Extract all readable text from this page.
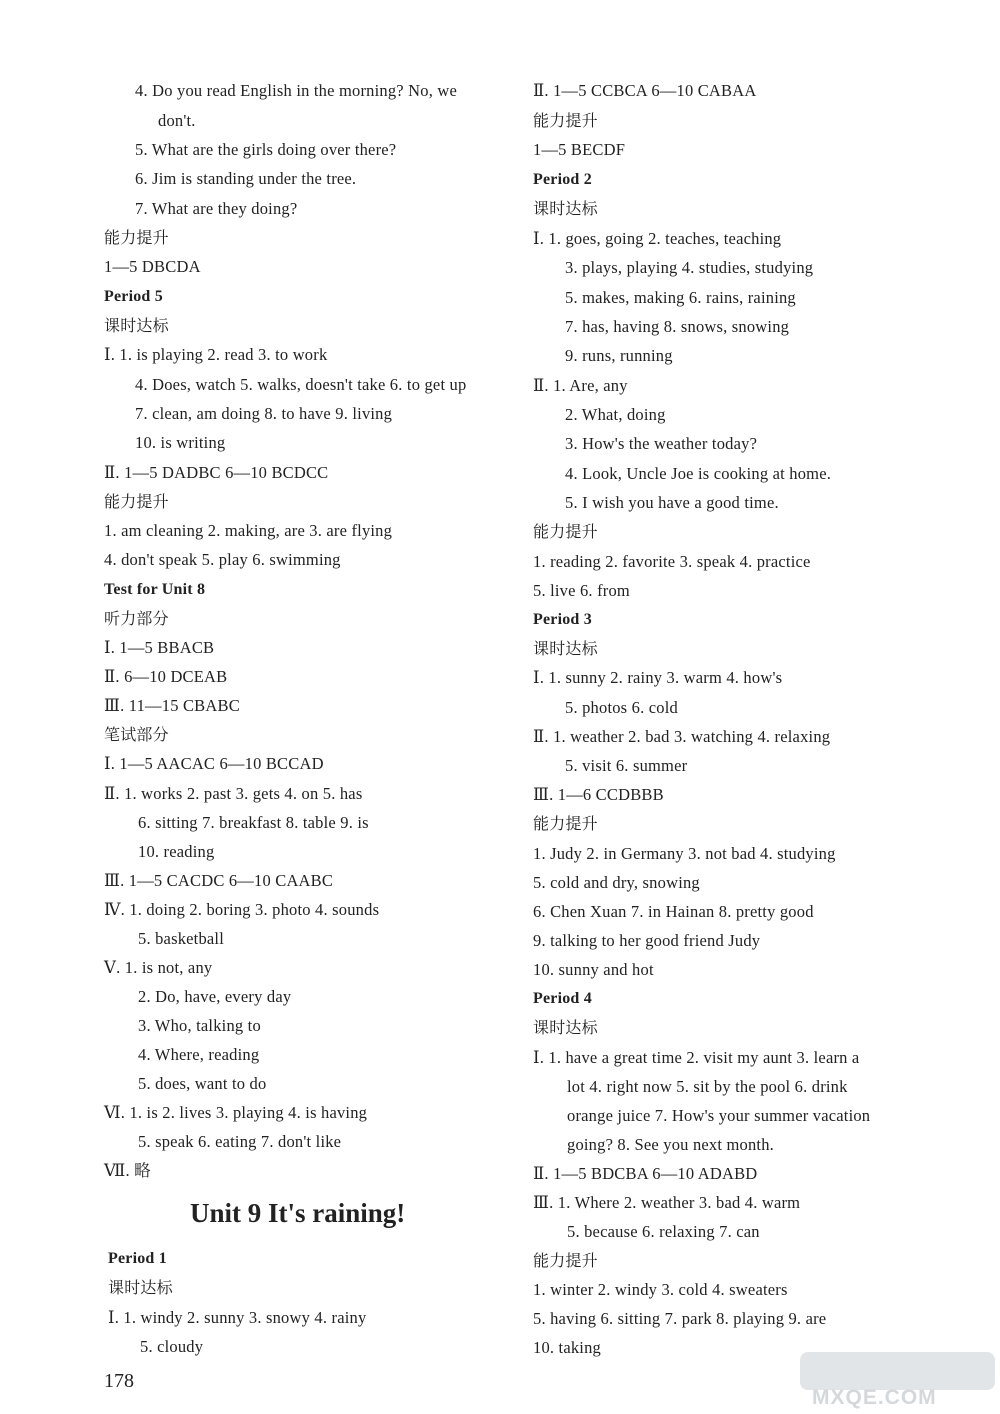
4. Do you read English in the morning? No, we
don't.
5. What are the girls doing over there?
6. Jim is standing under the tree.
7. What are they doing?
能力提升
1—5 DBCDA
Period 5
课时达标
Ⅰ. 1. is playing 2. read 3. to work
4. Does, watch 5. walks, doesn't take 6. to get up
7. clean, am doing 8. to have 9. living
10. is writing
Ⅱ. 1—5 DADBC 6—10 BCDCC
能力提升
1. am cleaning 2. making, are 3. are flying
4. don't speak 5. play 6. swimming
Test for Unit 8
听力部分
Ⅰ. 1—5 BBACB
Ⅱ. 6—10 DCEAB
Ⅲ. 11—15 CBABC
笔试部分
Ⅰ. 1—5 AACAC 6—10 BCCAD
Ⅱ. 1. works 2. past 3. gets 4. on 5. has
6. sitting 7. breakfast 8. table 9. is
10. reading
Ⅲ. 1—5 CACDC 6—10 CAABC
Ⅳ. 1. doing 2. boring 3. photo 4. sounds
5. basketball
Ⅴ. 1. is not, any
2. Do, have, every day
3. Who, talking to
4. Where, reading
5. does, want to do
Ⅵ. 1. is 2. lives 3. playing 4. is having
5. speak 6. eating 7. don't like
Ⅶ. 略
Period 1
课时达标
Ⅰ. 1. windy 2. sunny 3. snowy 4. rainy
5. cloudy
Ⅱ. 1—5 CCBCA 6—10 CABAA
能力提升
1—5 BECDF
Period 2
课时达标
Ⅰ. 1. goes, going 2. teaches, teaching
3. plays, playing 4. studies, studying
5. makes, making 6. rains, raining
7. has, having 8. snows, snowing
9. runs, running
Ⅱ. 1. Are, any
2. What, doing
3. How's the weather today?
4. Look, Uncle Joe is cooking at home.
5. I wish you have a good time.
能力提升
1. reading 2. favorite 3. speak 4. practice
5. live 6. from
Period 3
课时达标
Ⅰ. 1. sunny 2. rainy 3. warm 4. how's
5. photos 6. cold
Ⅱ. 1. weather 2. bad 3. watching 4. relaxing
5. visit 6. summer
Ⅲ. 1—6 CCDBBB
能力提升
1. Judy 2. in Germany 3. not bad 4. studying
5. cold and dry, snowing
6. Chen Xuan 7. in Hainan 8. pretty good
9. talking to her good friend Judy
10. sunny and hot
Period 4
课时达标
Ⅰ. 1. have a great time 2. visit my aunt 3. learn a
lot 4. right now 5. sit by the pool 6. drink
orange juice 7. How's your summer vacation
going? 8. See you next month.
Ⅱ. 1—5 BDCBA 6—10 ADABD
Ⅲ. 1. Where 2. weather 3. bad 4. warm
5. because 6. relaxing 7. can
能力提升
1. winter 2. windy 3. cold 4. sweaters
5. having 6. sitting 7. park 8. playing 9. are
10. taking
Unit 9 It's raining!
178
MXQE.COM
